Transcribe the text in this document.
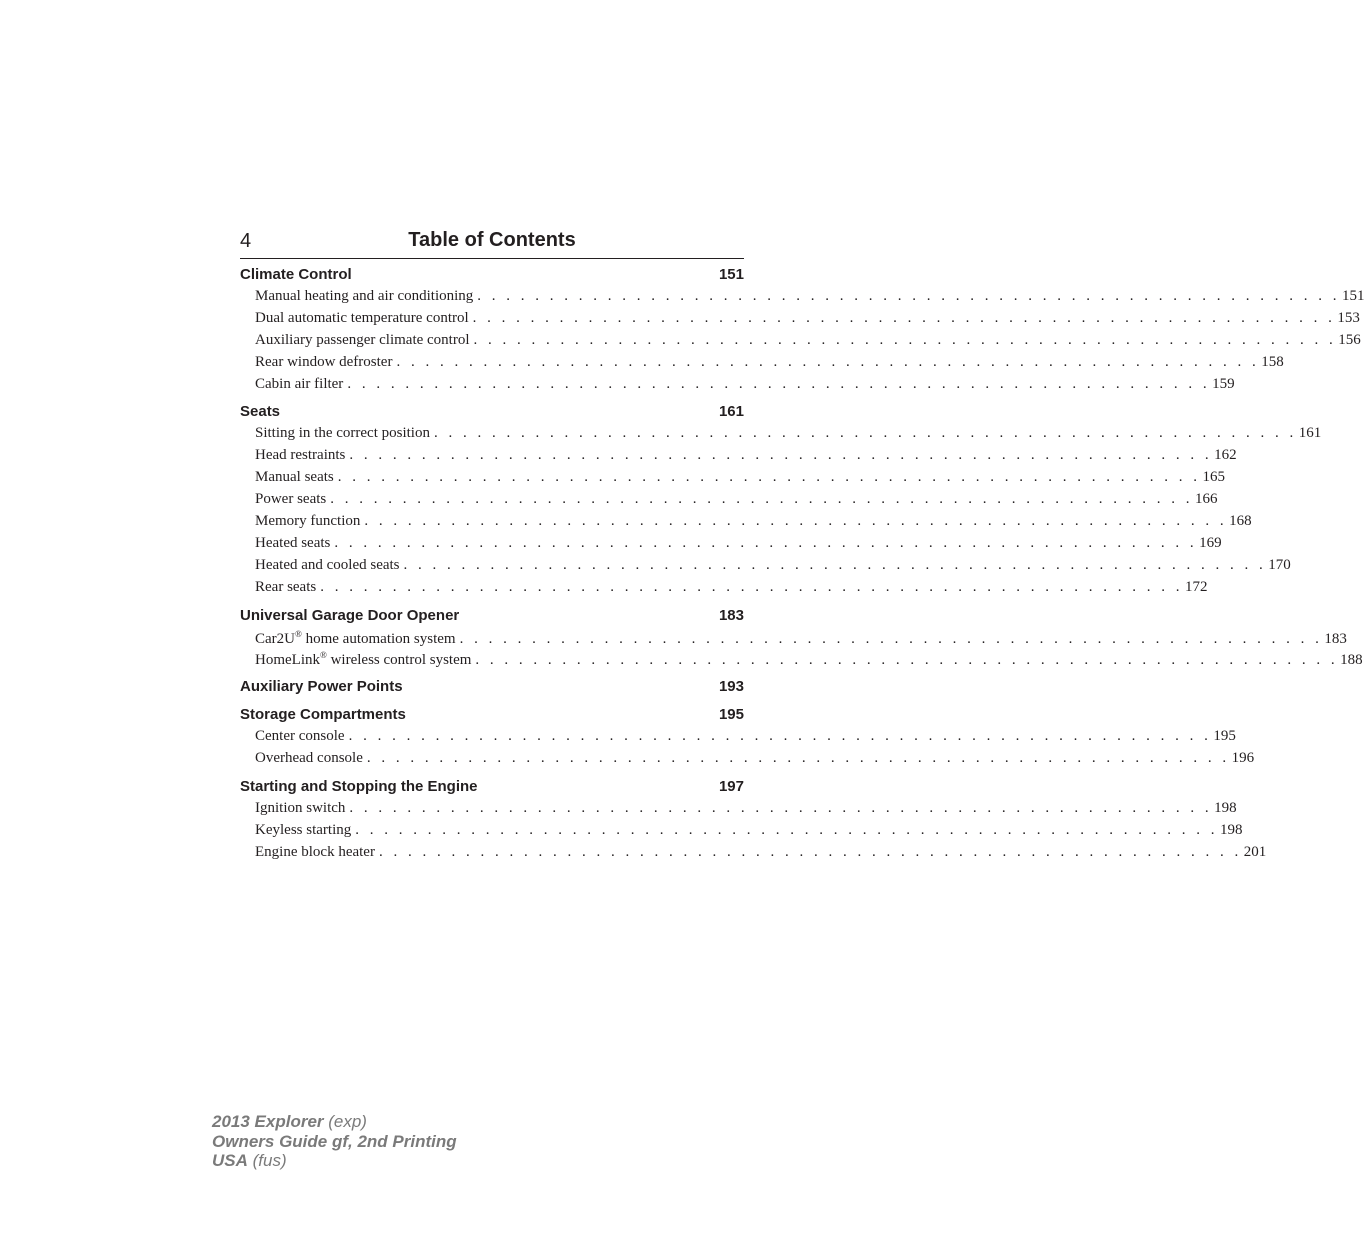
4	Table of Contents
Climate Control	151
Manual heating and air conditioning . . . . . . . . . . . . . . . . . . . . . . . . . . . . . . . . . . . . . . . . . . . . . . . . . . . . . . . . . . . . 151
Dual automatic temperature control . . . . . . . . . . . . . . . . . . . . . . . . . . . . . . . . . . . . . . . . . . . . . . . . . . . . . . . . . . . . 153
Auxiliary passenger climate control . . . . . . . . . . . . . . . . . . . . . . . . . . . . . . . . . . . . . . . . . . . . . . . . . . . . . . . . . . . . 156
Rear window defroster . . . . . . . . . . . . . . . . . . . . . . . . . . . . . . . . . . . . . . . . . . . . . . . . . . . . . . . . . . . . 158
Cabin air filter . . . . . . . . . . . . . . . . . . . . . . . . . . . . . . . . . . . . . . . . . . . . . . . . . . . . . . . . . . . . 159
Seats	161
Sitting in the correct position . . . . . . . . . . . . . . . . . . . . . . . . . . . . . . . . . . . . . . . . . . . . . . . . . . . . . . . . . . . . 161
Head restraints . . . . . . . . . . . . . . . . . . . . . . . . . . . . . . . . . . . . . . . . . . . . . . . . . . . . . . . . . . . . 162
Manual seats . . . . . . . . . . . . . . . . . . . . . . . . . . . . . . . . . . . . . . . . . . . . . . . . . . . . . . . . . . . . 165
Power seats . . . . . . . . . . . . . . . . . . . . . . . . . . . . . . . . . . . . . . . . . . . . . . . . . . . . . . . . . . . . 166
Memory function . . . . . . . . . . . . . . . . . . . . . . . . . . . . . . . . . . . . . . . . . . . . . . . . . . . . . . . . . . . . 168
Heated seats . . . . . . . . . . . . . . . . . . . . . . . . . . . . . . . . . . . . . . . . . . . . . . . . . . . . . . . . . . . . 169
Heated and cooled seats . . . . . . . . . . . . . . . . . . . . . . . . . . . . . . . . . . . . . . . . . . . . . . . . . . . . . . . . . . . . 170
Rear seats . . . . . . . . . . . . . . . . . . . . . . . . . . . . . . . . . . . . . . . . . . . . . . . . . . . . . . . . . . . . 172
Universal Garage Door Opener	183
Car2U® home automation system . . . . . . . . . . . . . . . . . . . . . . . . . . . . . . . . . . . . . . . . . . . . . . . . . . . . . . . . . . . . 183
HomeLink® wireless control system . . . . . . . . . . . . . . . . . . . . . . . . . . . . . . . . . . . . . . . . . . . . . . . . . . . . . . . . . . . . 188
Auxiliary Power Points	193
Storage Compartments	195
Center console . . . . . . . . . . . . . . . . . . . . . . . . . . . . . . . . . . . . . . . . . . . . . . . . . . . . . . . . . . . . 195
Overhead console . . . . . . . . . . . . . . . . . . . . . . . . . . . . . . . . . . . . . . . . . . . . . . . . . . . . . . . . . . . . 196
Starting and Stopping the Engine	197
Ignition switch . . . . . . . . . . . . . . . . . . . . . . . . . . . . . . . . . . . . . . . . . . . . . . . . . . . . . . . . . . . . 198
Keyless starting . . . . . . . . . . . . . . . . . . . . . . . . . . . . . . . . . . . . . . . . . . . . . . . . . . . . . . . . . . . . 198
Engine block heater . . . . . . . . . . . . . . . . . . . . . . . . . . . . . . . . . . . . . . . . . . . . . . . . . . . . . . . . . . . . 201
2013 Explorer (exp)
Owners Guide gf, 2nd Printing
USA (fus)
